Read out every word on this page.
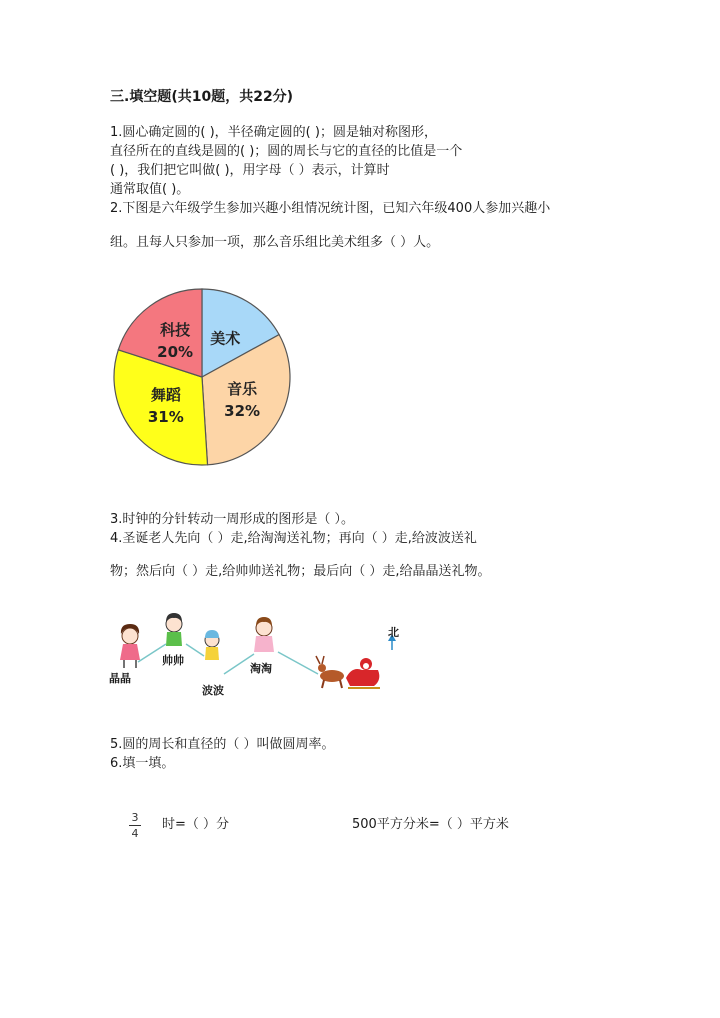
三.填空题(共10题，共22分)
1.圆心确定圆的( )，半径确定圆的( )；圆是轴对称图形，
直径所在的直线是圆的( )；圆的周长与它的直径的比值是一个
( )，我们把它叫做( )，用字母（ ）表示，计算时
通常取值( )。
2.下图是六年级学生参加兴趣小组情况统计图，已知六年级400人参加兴趣小
组。且每人只参加一项，那么音乐组比美术组多（ ）人。
美术
音乐
32%
舞蹈
31%
科技
20%
3.时钟的分针转动一周形成的图形是（ ）。
4.圣诞老人先向（ ）走,给淘淘送礼物；再向（ ）走,给波波送礼
物；然后向（ ）走,给帅帅送礼物；最后向（ ）走,给晶晶送礼物。
北
晶晶
帅帅
波波
淘淘
5.圆的周长和直径的（ ）叫做圆周率。
6.填一填。
3
4
时=（ ）分	500平方分米=（ ）平方米
